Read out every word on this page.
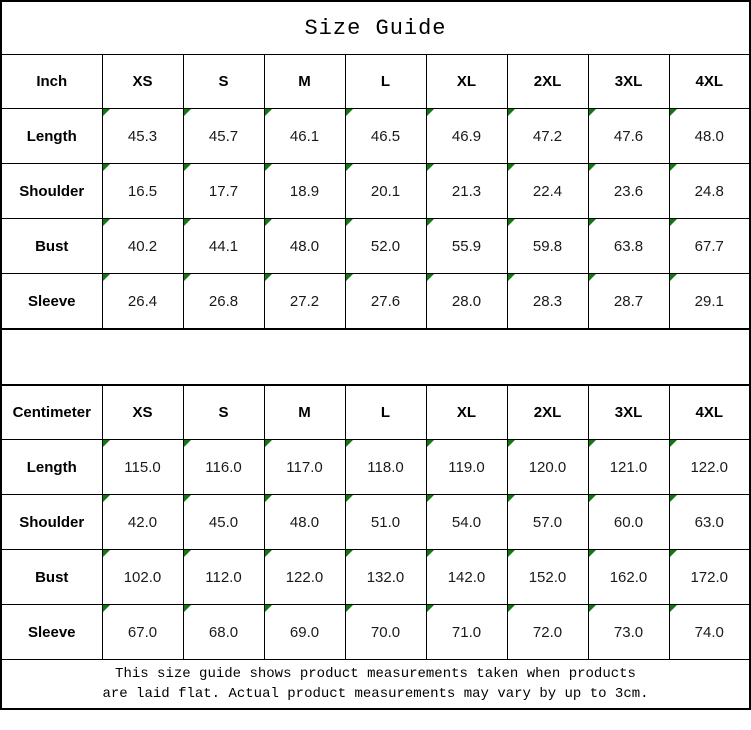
Size Guide								
Inch	XS	S	M	L	XL	2XL	3XL	4XL
Length	45.3	45.7	46.1	46.5	46.9	47.2	47.6	48.0
Shoulder	16.5	17.7	18.9	20.1	21.3	22.4	23.6	24.8
Bust	40.2	44.1	48.0	52.0	55.9	59.8	63.8	67.7
Sleeve	26.4	26.8	27.2	27.6	28.0	28.3	28.7	29.1

Centimeter	XS	S	M	L	XL	2XL	3XL	4XL
Length	115.0	116.0	117.0	118.0	119.0	120.0	121.0	122.0
Shoulder	42.0	45.0	48.0	51.0	54.0	57.0	60.0	63.0
Bust	102.0	112.0	122.0	132.0	142.0	152.0	162.0	172.0
Sleeve	67.0	68.0	69.0	70.0	71.0	72.0	73.0	74.0

This size guide shows product measurements taken when products
are laid flat. Actual product measurements may vary by up to 3cm.								
